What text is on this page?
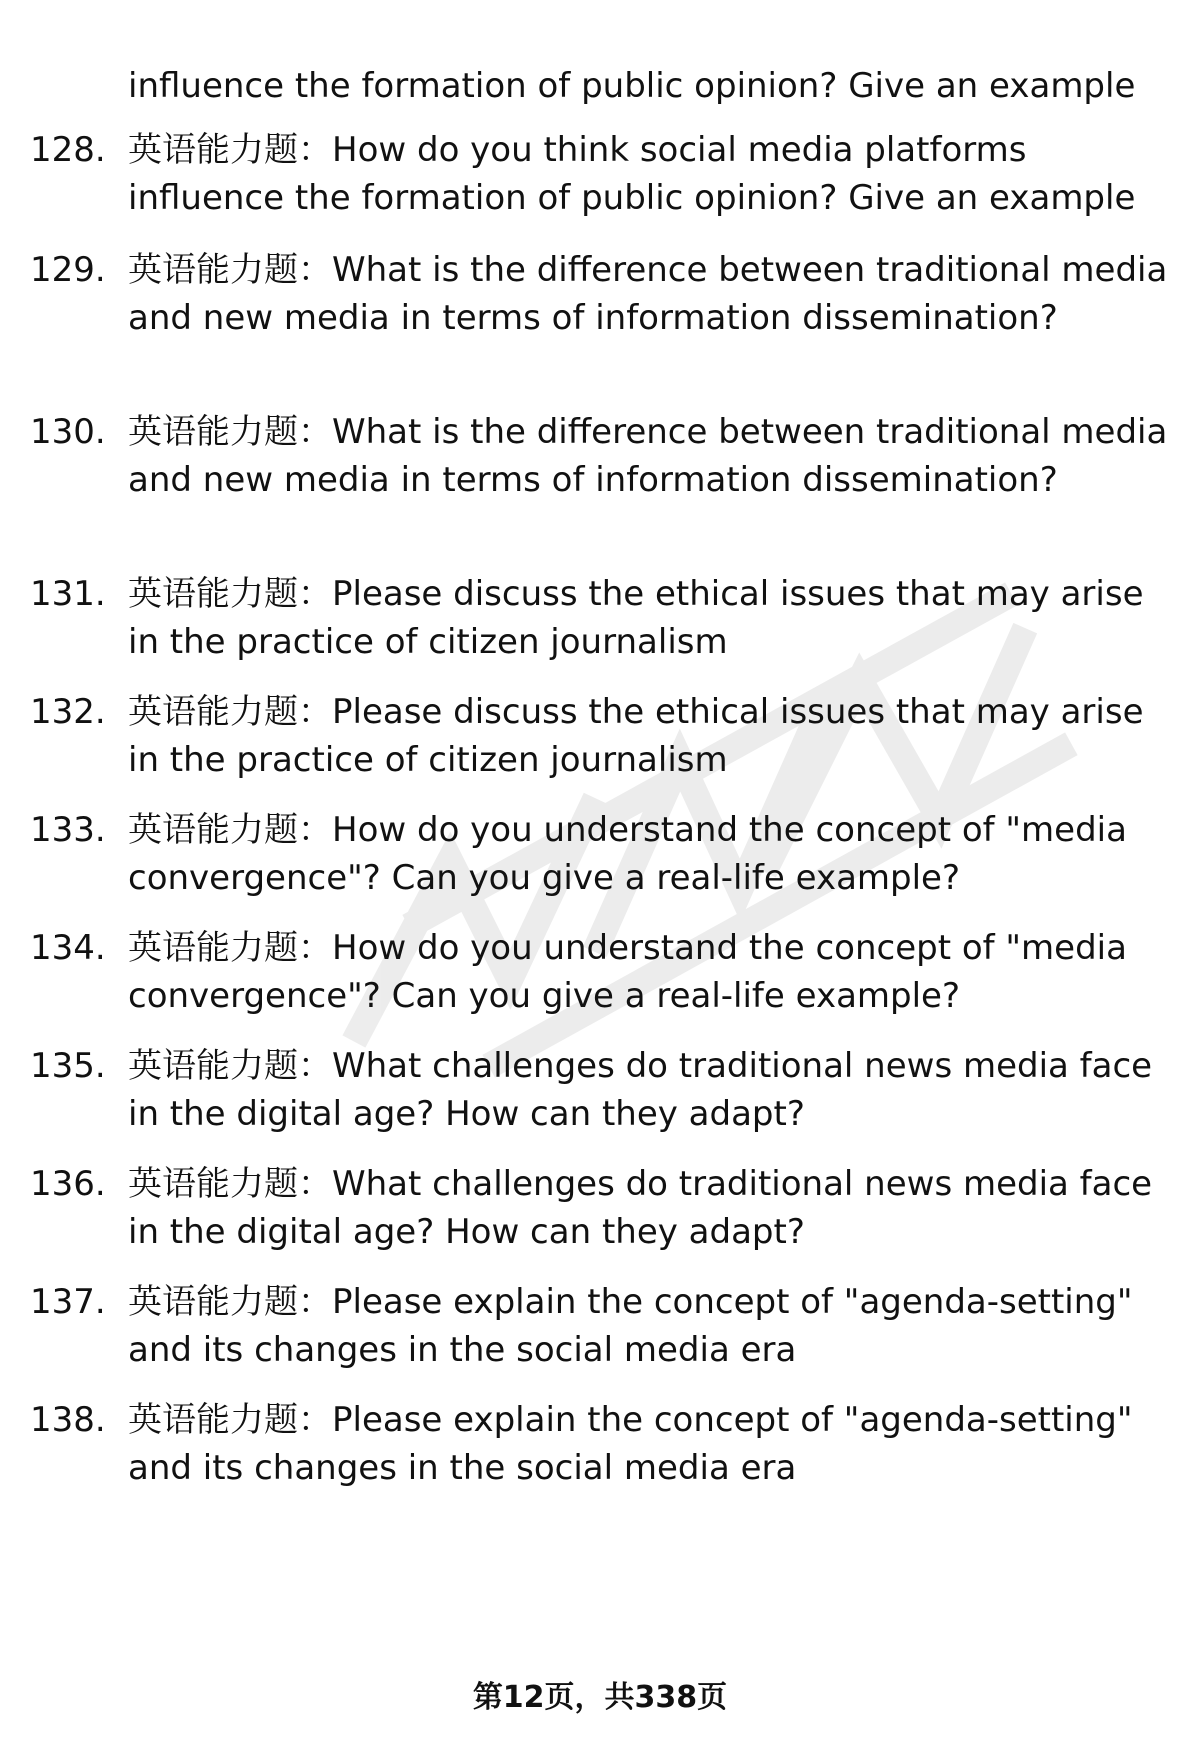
influence the formation of public opinion? Give an example
128. 英语能力题：How do you think social media platforms influence the formation of public opinion? Give an example
129. 英语能力题：What is the difference between traditional media and new media in terms of information dissemination?
130. 英语能力题：What is the difference between traditional media and new media in terms of information dissemination?
131. 英语能力题：Please discuss the ethical issues that may arise in the practice of citizen journalism
132. 英语能力题：Please discuss the ethical issues that may arise in the practice of citizen journalism
133. 英语能力题：How do you understand the concept of "media convergence"? Can you give a real-life example?
134. 英语能力题：How do you understand the concept of "media convergence"? Can you give a real-life example?
135. 英语能力题：What challenges do traditional news media face in the digital age? How can they adapt?
136. 英语能力题：What challenges do traditional news media face in the digital age? How can they adapt?
137. 英语能力题：Please explain the concept of "agenda-setting" and its changes in the social media era
138. 英语能力题：Please explain the concept of "agenda-setting" and its changes in the social media era
第12页，共338页
